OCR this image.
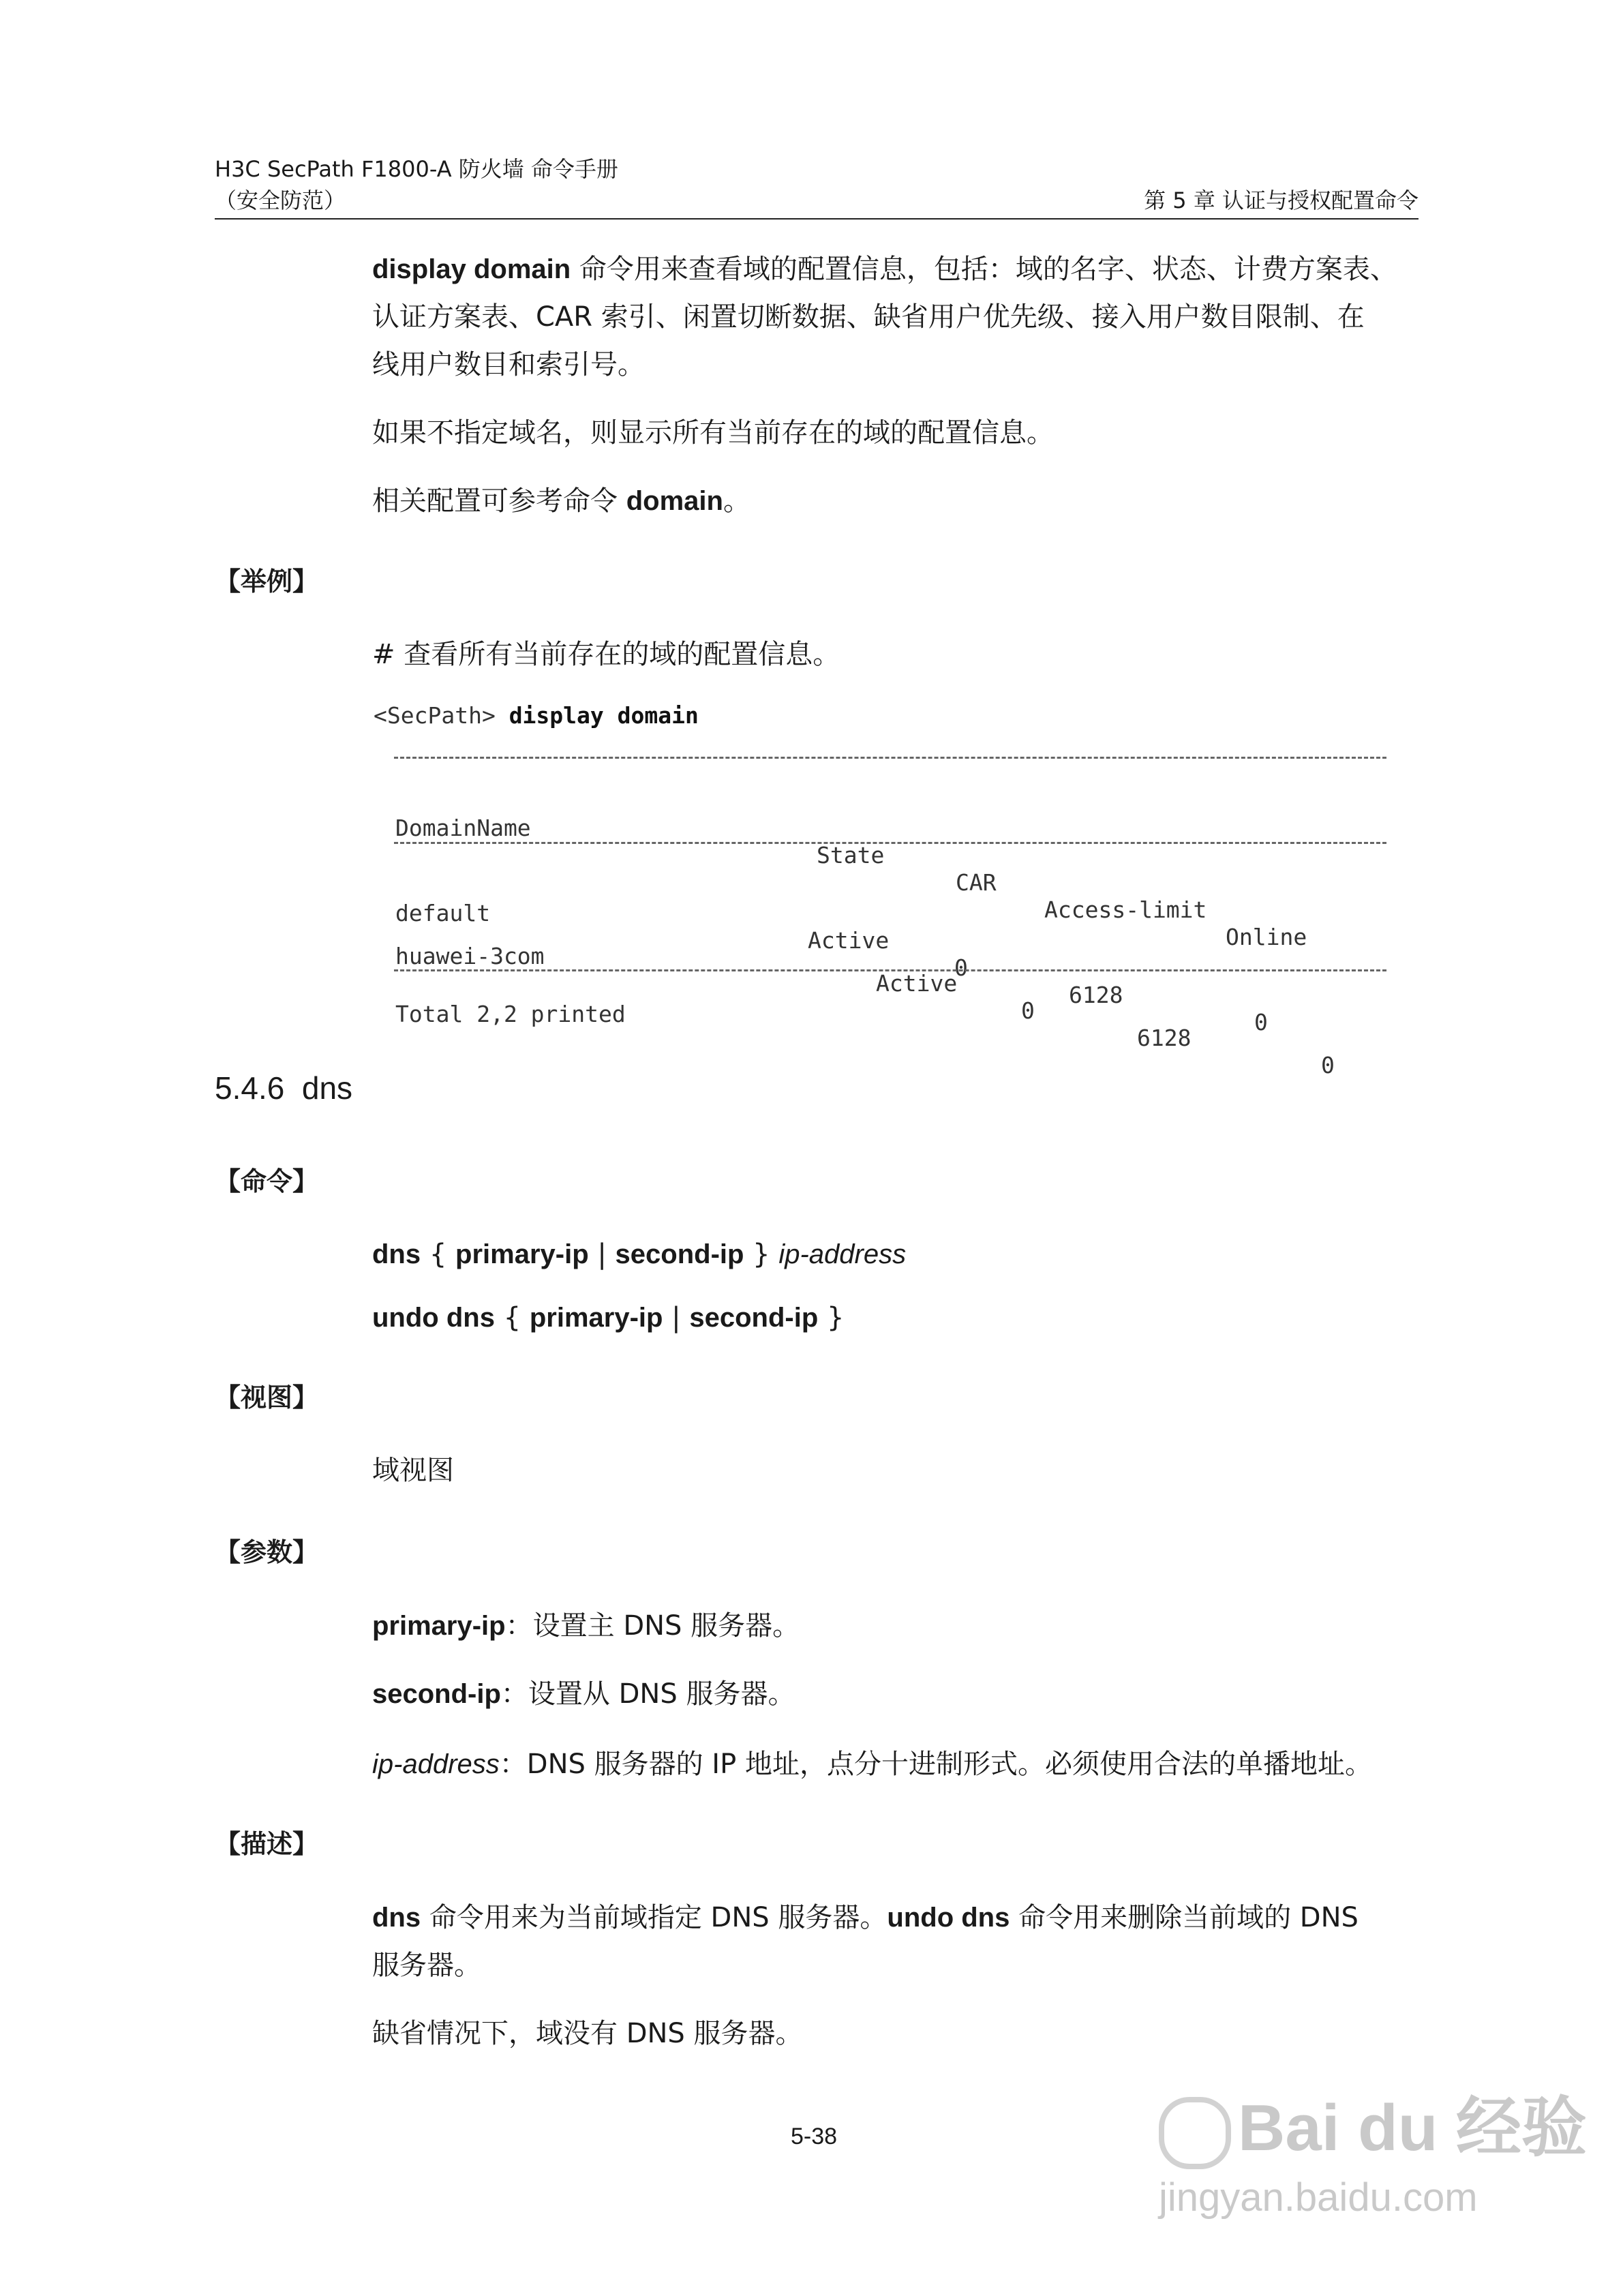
H3C SecPath F1800-A 防火墙 命令手册
（安全防范）	第 5 章 认证与授权配置命令
display domain 命令用来查看域的配置信息，包括：域的名字、状态、计费方案表、
认证方案表、CAR 索引、闲置切断数据、缺省用户优先级、接入用户数目限制、在
线用户数目和索引号。
如果不指定域名，则显示所有当前存在的域的配置信息。
相关配置可参考命令 domain。
【举例】
# 查看所有当前存在的域的配置信息。
<SecPath> display domain

DomainName

State

CAR

Access-limit

Online

default

Active

0

6128

0

huawei-3com

Active

0

6128

0

Total 2,2 printed
5.4.6 dns
【命令】
dns { primary-ip | second-ip } ip-address
undo dns { primary-ip | second-ip }
【视图】
域视图
【参数】
primary-ip：设置主 DNS 服务器。
second-ip：设置从 DNS 服务器。
ip-address：DNS 服务器的 IP 地址，点分十进制形式。必须使用合法的单播地址。
【描述】
dns 命令用来为当前域指定 DNS 服务器。undo dns 命令用来删除当前域的 DNS
服务器。
缺省情况下，域没有 DNS 服务器。
5-38	Bai du 经验
jingyan.baidu.com
